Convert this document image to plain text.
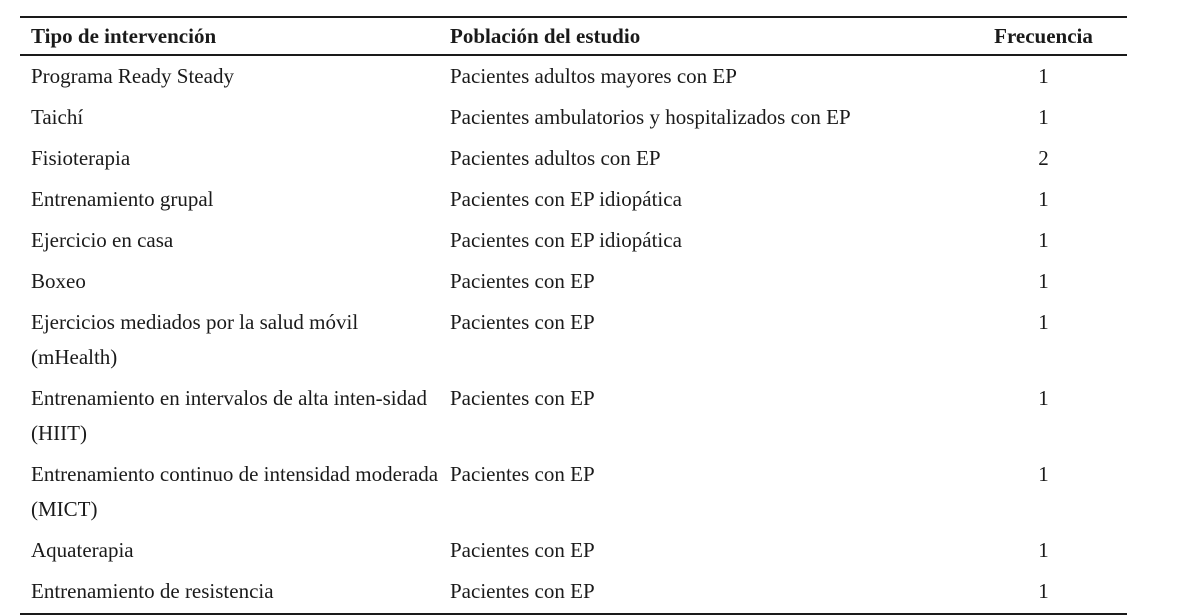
Tipo de intervención	Población del estudio	Frecuencia
Programa Ready Steady	Pacientes adultos mayores con EP	1
Taichí	Pacientes ambulatorios y hospitalizados con EP	1
Fisioterapia	Pacientes adultos con EP	2
Entrenamiento grupal	Pacientes con EP idiopática	1
Ejercicio en casa	Pacientes con EP idiopática	1
Boxeo	Pacientes con EP	1
Ejercicios mediados por la salud móvil (mHealth)	Pacientes con EP	1
Entrenamiento en intervalos de alta inten-sidad (HIIT)	Pacientes con EP	1
Entrenamiento continuo de intensidad moderada (MICT)	Pacientes con EP	1
Aquaterapia	Pacientes con EP	1
Entrenamiento de resistencia	Pacientes con EP	1
